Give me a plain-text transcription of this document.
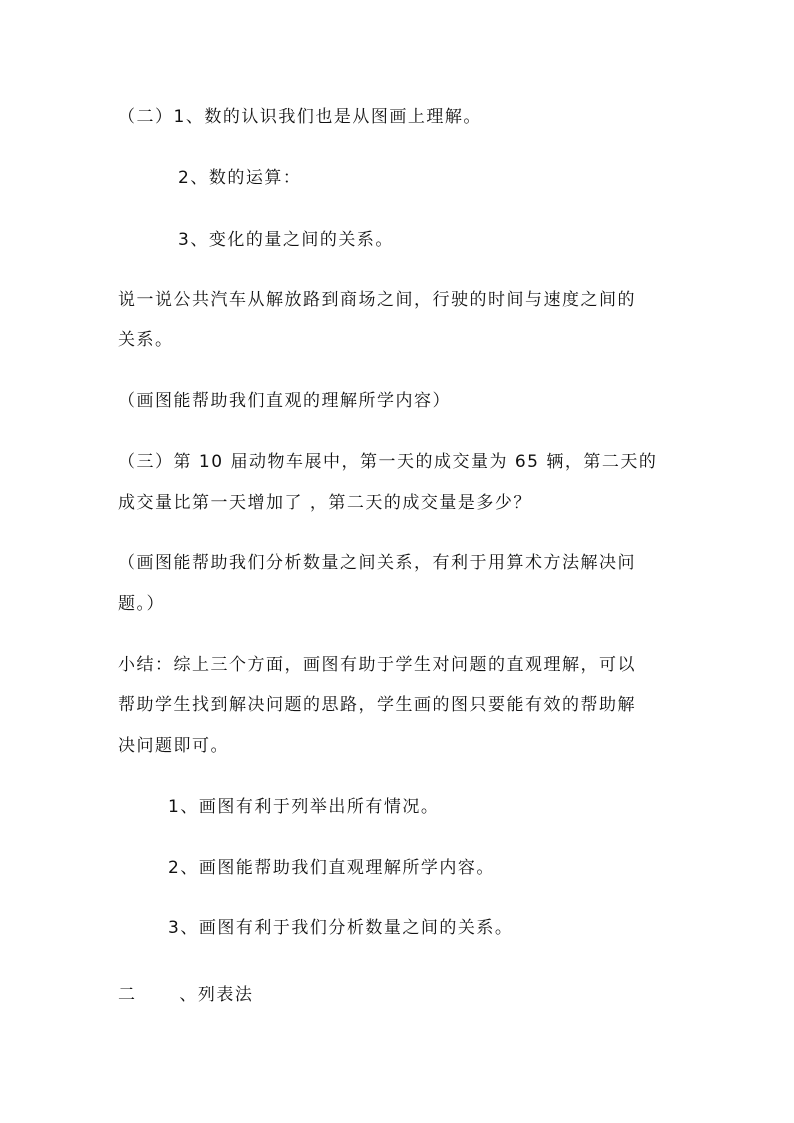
（二）1、数的认识我们也是从图画上理解。
2、数的运算：
3、变化的量之间的关系。
说一说公共汽车从解放路到商场之间，行驶的时间与速度之间的
关系。
（画图能帮助我们直观的理解所学内容）
（三）第 10 届动物车展中，第一天的成交量为 65 辆，第二天的
成交量比第一天增加了 ，第二天的成交量是多少？
（画图能帮助我们分析数量之间关系，有利于用算术方法解决问
题。）
小结：综上三个方面，画图有助于学生对问题的直观理解，可以
帮助学生找到解决问题的思路，学生画的图只要能有效的帮助解
决问题即可。
1、画图有利于列举出所有情况。
2、画图能帮助我们直观理解所学内容。
3、画图有利于我们分析数量之间的关系。
二	、列表法
